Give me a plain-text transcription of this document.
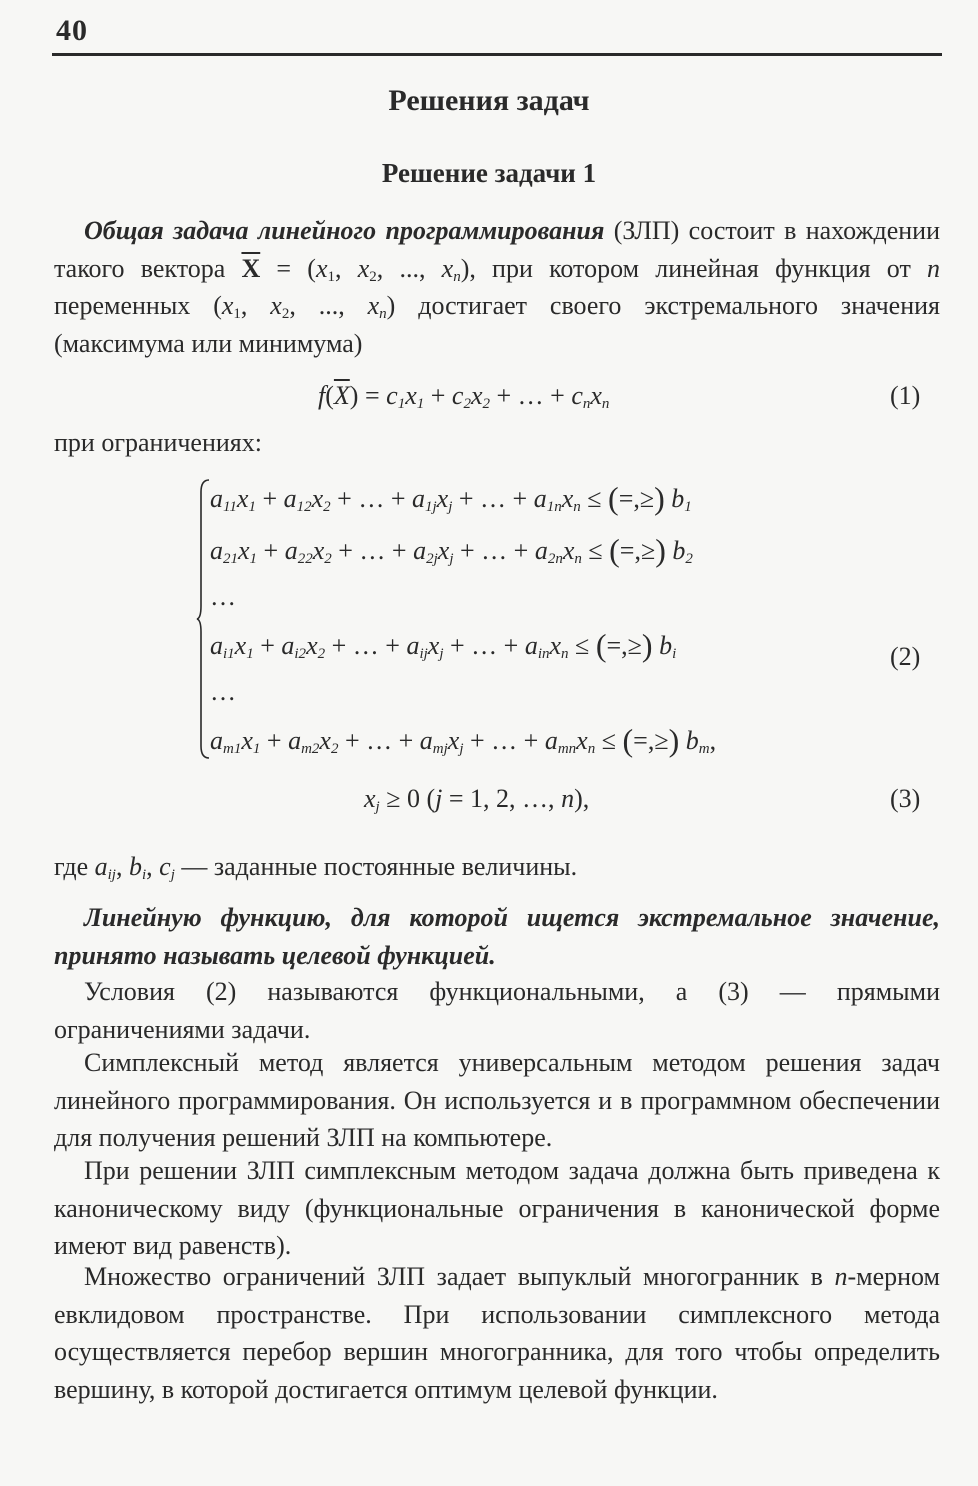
40
Решения задач
Решение задачи 1
Общая задача линейного программирования (ЗЛП) состоит в нахождении такого вектора $\overline{X} = (x_1$, $x_2$, ..., $x_n$), при котором линейная функция от n переменных ($x_1$, $x_2$, ..., $x_n$) достигает своего экстремального значения (максимума или минимума)
$f(\overline{X}) = c_1x_1 + c_2x_2$ + … + $c_nx_n$	(1)
при ограничениях:
$a_{11}x_1 + a_{12}x_2$ + … + $a_{1j}x_j$ + … + $a_{1n}x_n$ ≤ (=,≥) $b_1$
$a_{21}x_1 + a_{22}x_2$ + … + $a_{2j}x_j$ + … + $a_{2n}x_n$ ≤ (=,≥) $b_2$
…
$a_{i1}x_1 + a_{i2}x_2$ + … + $a_{ij}x_j$ + … + $a_{in}x_n$ ≤ (=,≥) $b_i$
…
$a_{m1}x_1 + a_{m2}x_2$ + … + $a_{mj}x_j$ + … + $a_{mn}x_n$ ≤ (=,≥) $b_m$,
(2)
$x_j \ge 0$ (j = 1, 2, …, n),	(3)
где $a_{ij}$, $b_i$, $c_j$ — заданные постоянные величины.
Линейную функцию, для которой ищется экстремальное значение, принято называть целевой функцией.
Условия (2) называются функциональными, а (3) — прямыми ограничениями задачи.
Симплексный метод является универсальным методом решения задач линейного программирования. Он используется и в программном обеспечении для получения решений ЗЛП на компьютере.
При решении ЗЛП симплексным методом задача должна быть приведена к каноническому виду (функциональные ограничения в канонической форме имеют вид равенств).
Множество ограничений ЗЛП задает выпуклый многогранник в n-мерном евклидовом пространстве. При использовании симплексного метода осуществляется перебор вершин многогранника, для того чтобы определить вершину, в которой достигается оптимум целевой функции.
